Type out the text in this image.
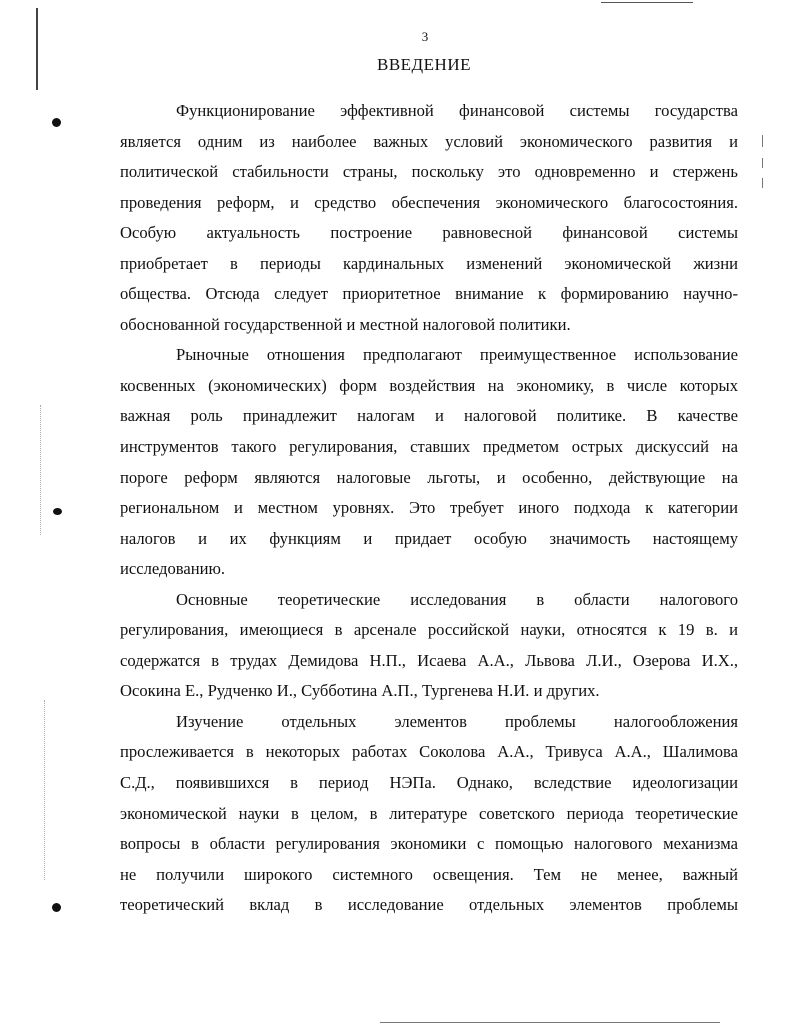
3
ВВЕДЕНИЕ
Функционирование эффективной финансовой системы государства
является одним из наиболее важных условий экономического развития и
политической стабильности страны, поскольку это одновременно и стержень
проведения реформ, и средство обеспечения экономического благосостояния.
Особую актуальность построение равновесной финансовой системы
приобретает в периоды кардинальных изменений экономической жизни
общества. Отсюда следует приоритетное внимание к формированию научно-
обоснованной государственной и местной налоговой политики.
Рыночные отношения предполагают преимущественное использование
косвенных (экономических) форм воздействия на экономику, в числе которых
важная роль принадлежит налогам и налоговой политике. В качестве
инструментов такого регулирования, ставших предметом острых дискуссий на
пороге реформ являются налоговые льготы, и особенно, действующие на
региональном и местном уровнях. Это требует иного подхода к категории
налогов и их функциям и придает особую значимость настоящему
исследованию.
Основные теоретические исследования в области налогового
регулирования, имеющиеся в арсенале российской науки, относятся к 19 в. и
содержатся в трудах Демидова Н.П., Исаева А.А., Львова Л.И., Озерова И.Х.,
Осокина Е., Рудченко И., Субботина А.П., Тургенева Н.И. и других.
Изучение отдельных элементов проблемы налогообложения
прослеживается в некоторых работах Соколова А.А., Тривуса А.А., Шалимова
С.Д., появившихся в период НЭПа. Однако, вследствие идеологизации
экономической науки в целом, в литературе советского периода теоретические
вопросы в области регулирования экономики с помощью налогового механизма
не получили широкого системного освещения. Тем не менее, важный
теоретический вклад в исследование отдельных элементов проблемы
